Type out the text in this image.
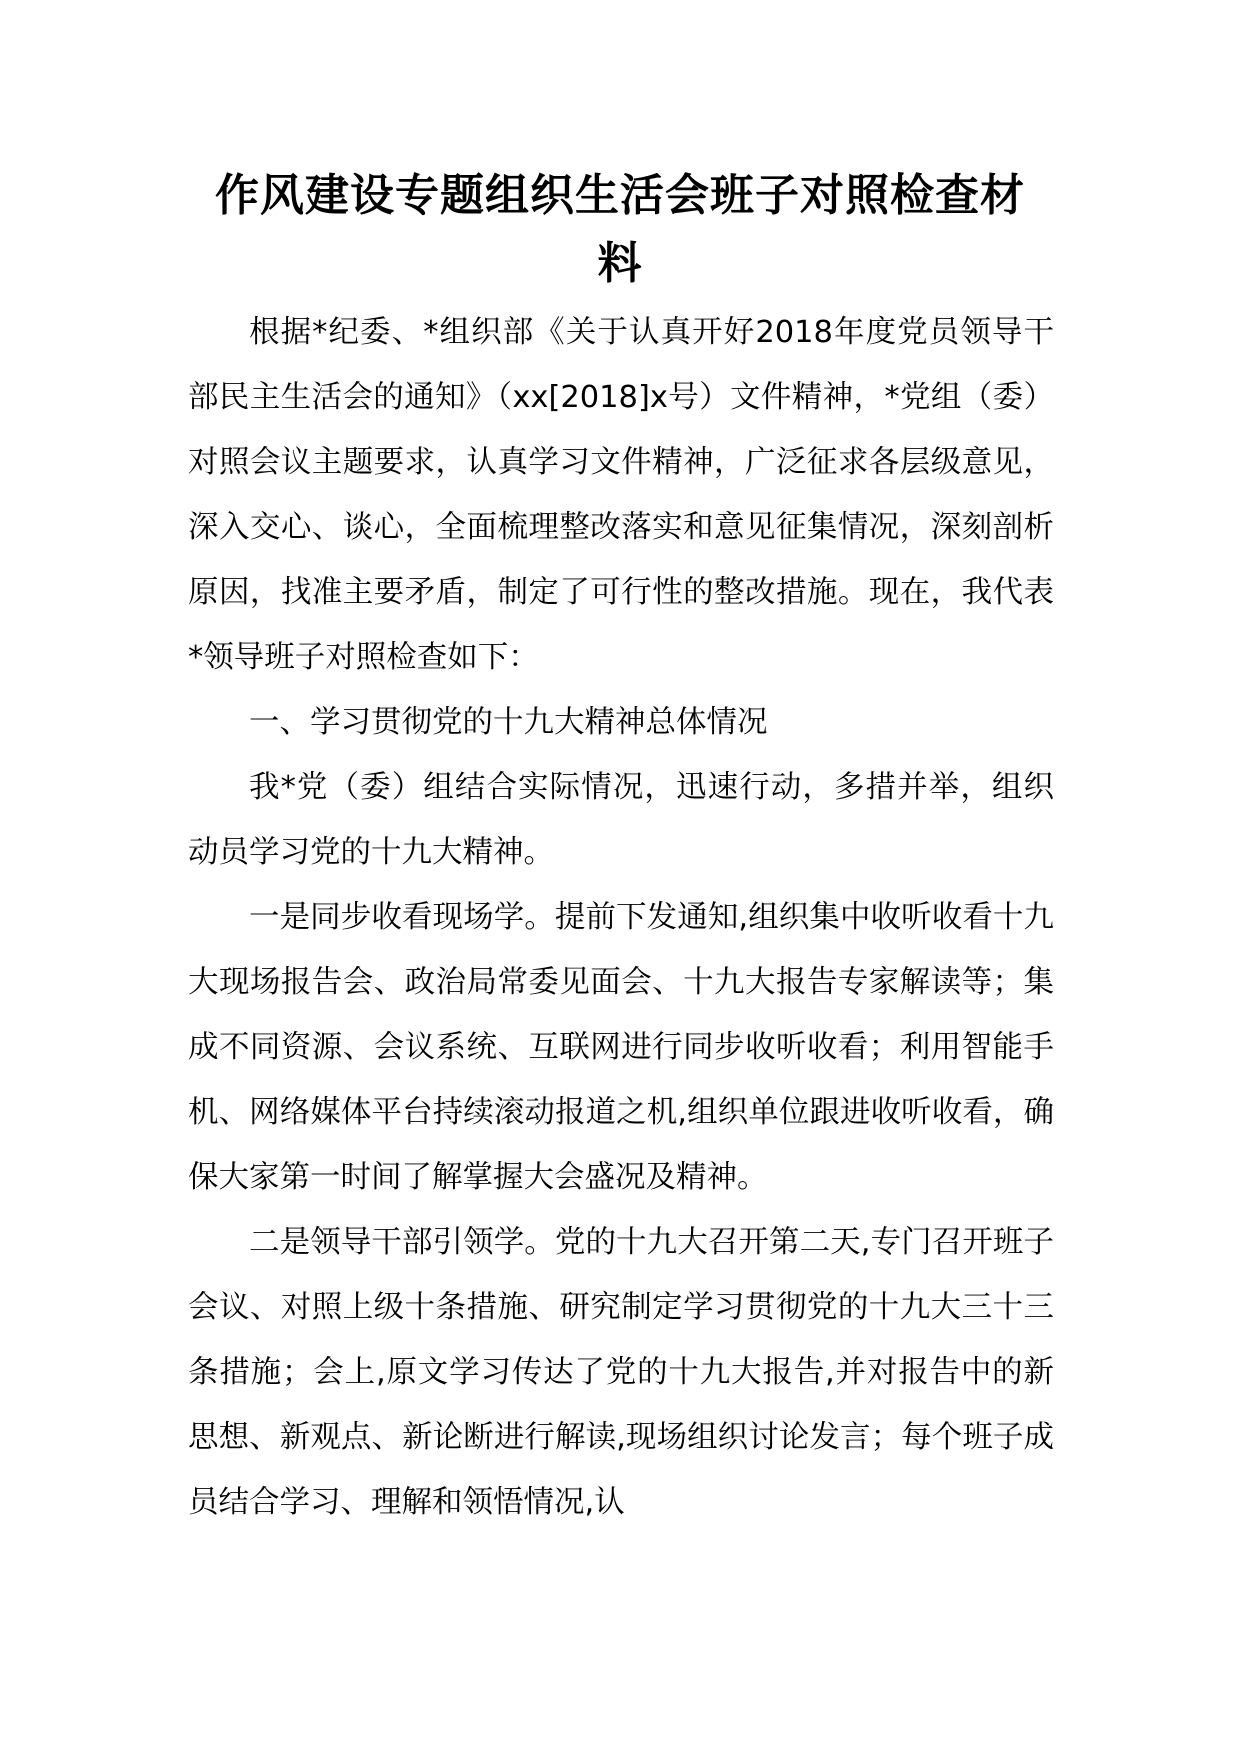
作风建设专题组织生活会班子对照检查材
料

根据*纪委、*组织部《关于认真开好2018年度党员领导干部民主生活会的通知》（xx[2018]x号）文件精神，*党组（委）对照会议主题要求，认真学习文件精神，广泛征求各层级意见，深入交心、谈心，全面梳理整改落实和意见征集情况，深刻剖析原因，找准主要矛盾，制定了可行性的整改措施。现在，我代表*领导班子对照检查如下：

一、学习贯彻党的十九大精神总体情况

我*党（委）组结合实际情况，迅速行动，多措并举，组织动员学习党的十九大精神。

一是同步收看现场学。提前下发通知,组织集中收听收看十九大现场报告会、政治局常委见面会、十九大报告专家解读等；集成不同资源、会议系统、互联网进行同步收听收看；利用智能手机、网络媒体平台持续滚动报道之机,组织单位跟进收听收看，确保大家第一时间了解掌握大会盛况及精神。

二是领导干部引领学。党的十九大召开第二天,专门召开班子会议、对照上级十条措施、研究制定学习贯彻党的十九大三十三条措施；会上,原文学习传达了党的十九大报告,并对报告中的新思想、新观点、新论断进行解读,现场组织讨论发言；每个班子成员结合学习、理解和领悟情况,认
